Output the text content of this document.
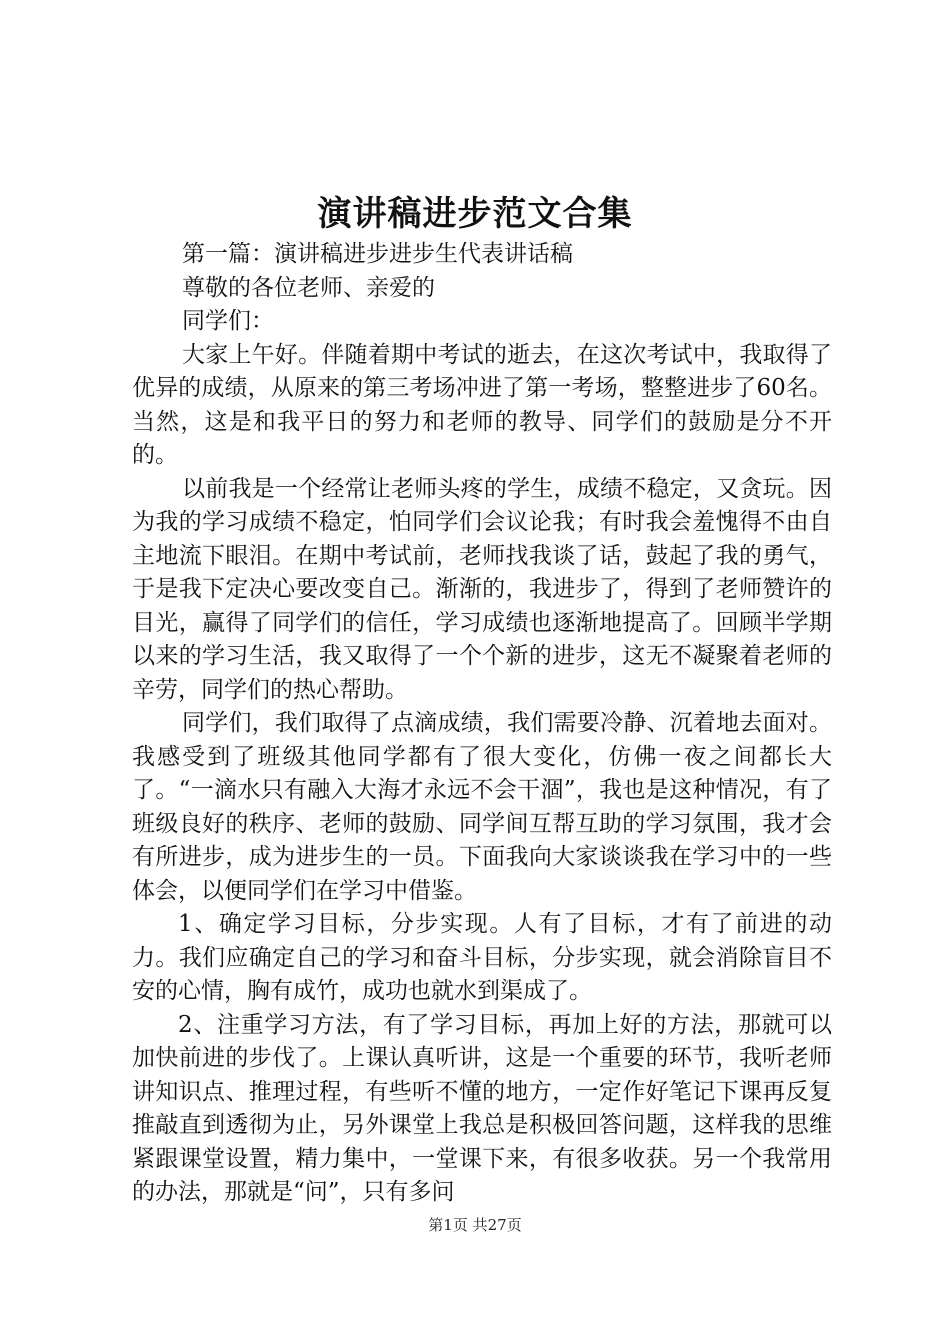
演讲稿进步范文合集

第一篇：演讲稿进步进步生代表讲话稿

尊敬的各位老师、亲爱的

同学们：

大家上午好。伴随着期中考试的逝去，在这次考试中，我取得了优异的成绩，从原来的第三考场冲进了第一考场，整整进步了60名。当然，这是和我平日的努力和老师的教导、同学们的鼓励是分不开的。

以前我是一个经常让老师头疼的学生，成绩不稳定，又贪玩。因为我的学习成绩不稳定，怕同学们会议论我；有时我会羞愧得不由自主地流下眼泪。在期中考试前，老师找我谈了话，鼓起了我的勇气，于是我下定决心要改变自己。渐渐的，我进步了，得到了老师赞许的目光，赢得了同学们的信任，学习成绩也逐渐地提高了。回顾半学期以来的学习生活，我又取得了一个个新的进步，这无不凝聚着老师的辛劳，同学们的热心帮助。

同学们，我们取得了点滴成绩，我们需要冷静、沉着地去面对。我感受到了班级其他同学都有了很大变化，仿佛一夜之间都长大了。“一滴水只有融入大海才永远不会干涸”，我也是这种情况，有了班级良好的秩序、老师的鼓励、同学间互帮互助的学习氛围，我才会有所进步，成为进步生的一员。下面我向大家谈谈我在学习中的一些体会，以便同学们在学习中借鉴。

1、确定学习目标，分步实现。人有了目标，才有了前进的动力。我们应确定自己的学习和奋斗目标，分步实现，就会消除盲目不安的心情，胸有成竹，成功也就水到渠成了。

2、注重学习方法，有了学习目标，再加上好的方法，那就可以加快前进的步伐了。上课认真听讲，这是一个重要的环节，我听老师讲知识点、推理过程，有些听不懂的地方，一定作好笔记下课再反复推敲直到透彻为止，另外课堂上我总是积极回答问题，这样我的思维紧跟课堂设置，精力集中，一堂课下来，有很多收获。另一个我常用的办法，那就是“问”，只有多问

第1页 共27页
